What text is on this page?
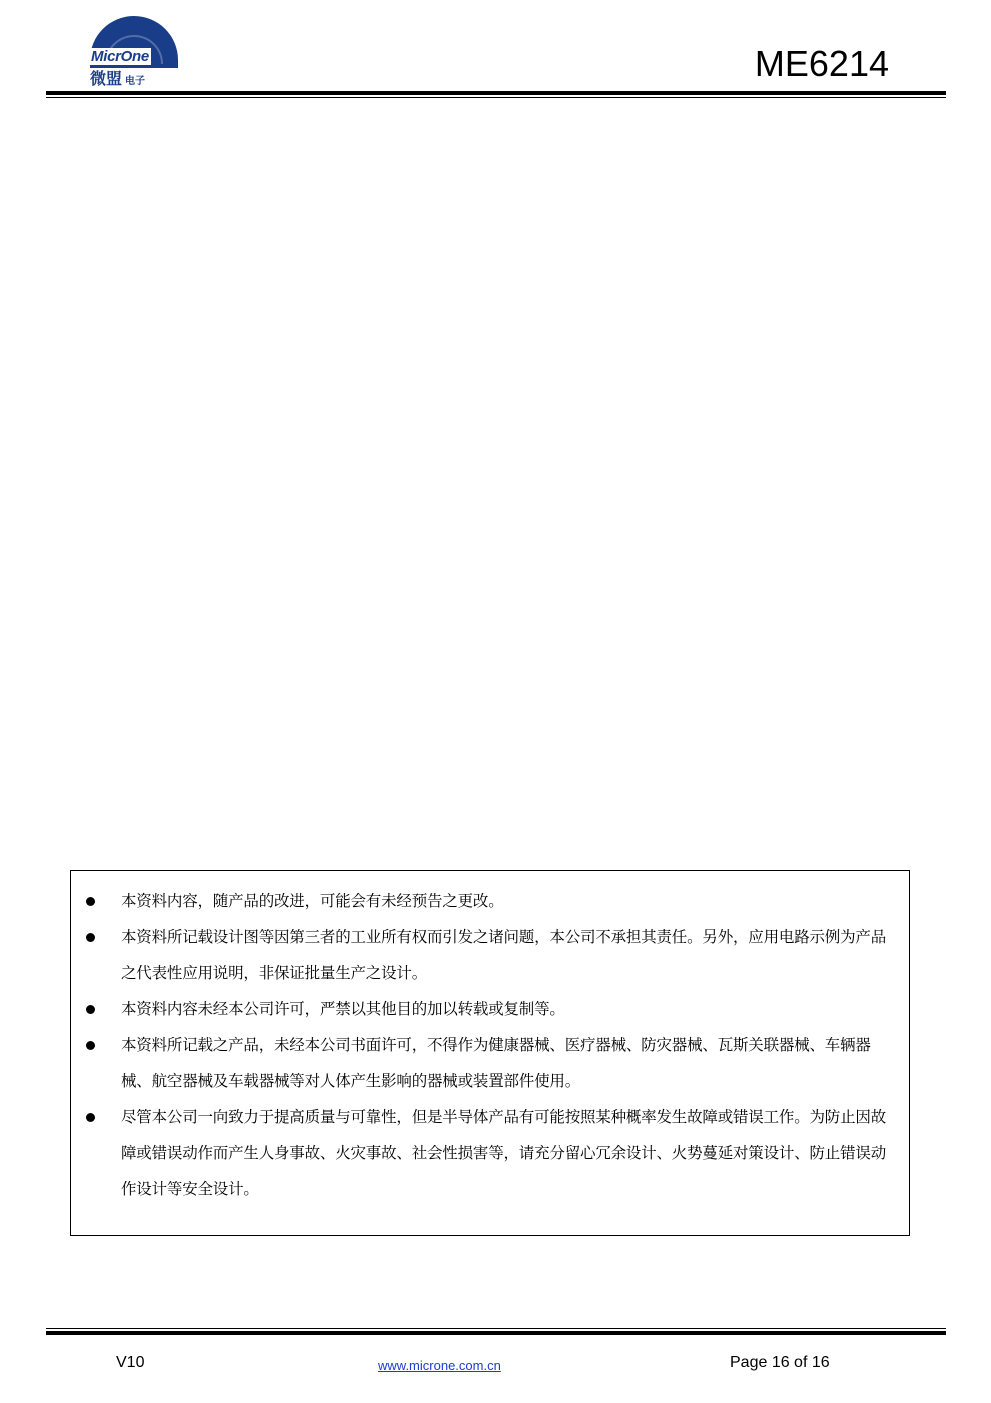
MicrOne
微盟 电子	ME6214
本资料内容，随产品的改进，可能会有未经预告之更改。
本资料所记载设计图等因第三者的工业所有权而引发之诸问题，本公司不承担其责任。另外，应用电路示例为产品之代表性应用说明，非保证批量生产之设计。
本资料内容未经本公司许可，严禁以其他目的加以转载或复制等。
本资料所记载之产品，未经本公司书面许可，不得作为健康器械、医疗器械、防灾器械、瓦斯关联器械、车辆器械、航空器械及车载器械等对人体产生影响的器械或装置部件使用。
尽管本公司一向致力于提高质量与可靠性，但是半导体产品有可能按照某种概率发生故障或错误工作。为防止因故障或错误动作而产生人身事故、火灾事故、社会性损害等，请充分留心冗余设计、火势蔓延对策设计、防止错误动作设计等安全设计。
V10	www.microne.com.cn	Page 16 of 16
